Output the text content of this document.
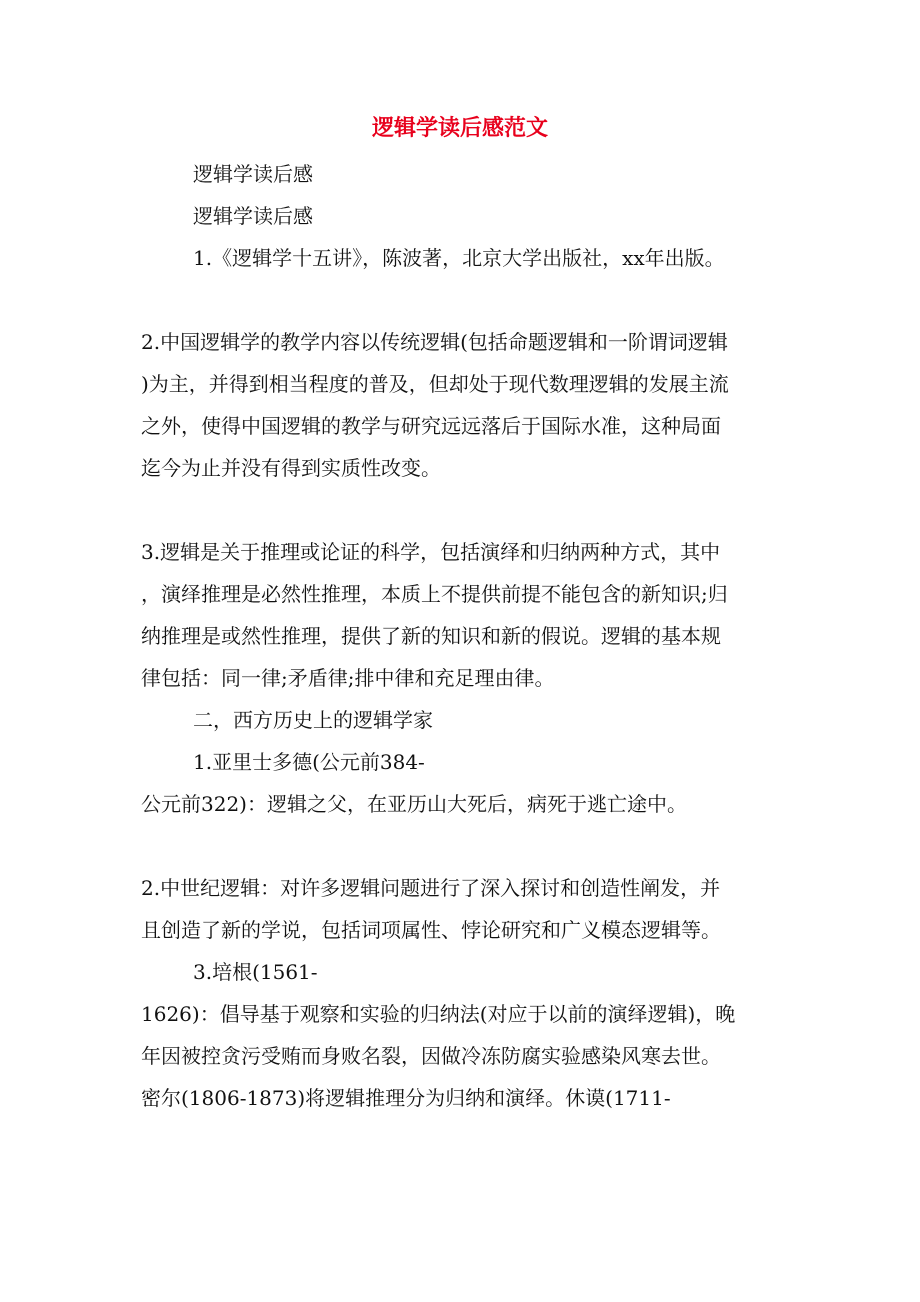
逻辑学读后感范文
逻辑学读后感
逻辑学读后感
1.《逻辑学十五讲》，陈波著，北京大学出版社，xx年出版。
2.中国逻辑学的教学内容以传统逻辑(包括命题逻辑和一阶谓词逻辑
)为主，并得到相当程度的普及，但却处于现代数理逻辑的发展主流
之外，使得中国逻辑的教学与研究远远落后于国际水准，这种局面
迄今为止并没有得到实质性改变。
3.逻辑是关于推理或论证的科学，包括演绎和归纳两种方式，其中
，演绎推理是必然性推理，本质上不提供前提不能包含的新知识;归
纳推理是或然性推理，提供了新的知识和新的假说。逻辑的基本规
律包括：同一律;矛盾律;排中律和充足理由律。
二，西方历史上的逻辑学家
1.亚里士多德(公元前384-
公元前322)：逻辑之父，在亚历山大死后，病死于逃亡途中。
2.中世纪逻辑：对许多逻辑问题进行了深入探讨和创造性阐发，并
且创造了新的学说，包括词项属性、悖论研究和广义模态逻辑等。
3.培根(1561-
1626)：倡导基于观察和实验的归纳法(对应于以前的演绎逻辑)，晚
年因被控贪污受贿而身败名裂，因做冷冻防腐实验感染风寒去世。
密尔(1806-1873)将逻辑推理分为归纳和演绎。休谟(1711-
